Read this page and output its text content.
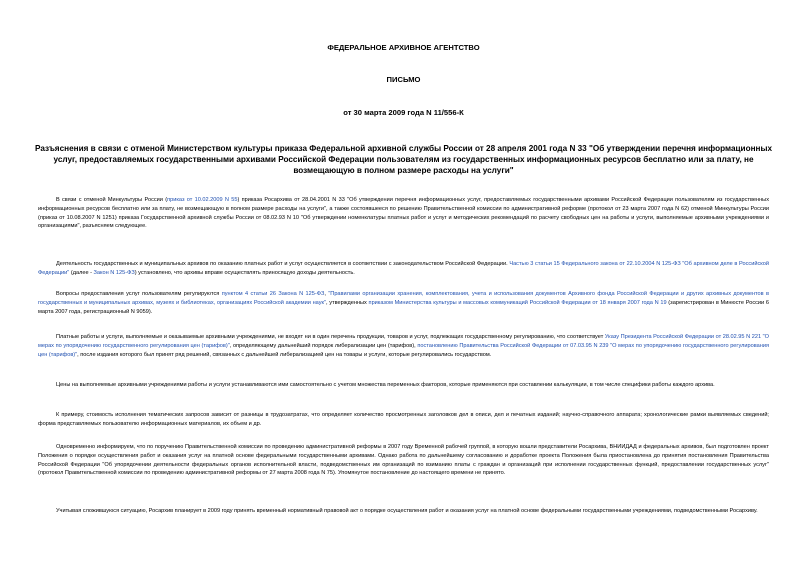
ФЕДЕРАЛЬНОЕ АРХИВНОЕ АГЕНТСТВО
ПИСЬМО
от 30 марта 2009 года N 11/556-К
Разъяснения в связи с отменой Министерством культуры приказа Федеральной архивной службы России от 28 апреля 2001 года N 33 "Об утверждении перечня информационных услуг, предоставляемых государственными архивами Российской Федерации пользователям из государственных информационных ресурсов бесплатно или за плату, не возмещающую в полном размере расходы на услуги"

В связи с отменой Минкультуры России (приказ от 10.02.2009 N 55) приказа Росархива от 28.04.2001 N 33 "Об утверждении перечня информационных услуг, предоставляемых государственными архивами Российской Федерации пользователям из государственных информационных ресурсов бесплатно или за плату, не возмещающую в полном размере расходы на услуги", а также состоявшееся по решению Правительственной комиссии по административной реформе (протокол от 23 марта 2007 года N 62) отменой Минкультуры России (приказ от 10.08.2007 N 1251) приказа Государственной архивной службы России от 08.02.93 N 10 "Об утверждении номенклатуры платных работ и услуг и методических рекомендаций по расчету свободных цен на работы и услуги, выполняемые архивными учреждениями и организациями", разъясняем следующее.

Деятельность государственных и муниципальных архивов по оказанию платных работ и услуг осуществляется в соответствии с законодательством Российской Федерации. Частью 3 статьи 15 Федерального закона от 22.10.2004 N 125-ФЗ "Об архивном деле в Российской Федерации" (далее - Закон N 125-ФЗ) установлено, что архивы вправе осуществлять приносящую доходы деятельность.

Вопросы предоставления услуг пользователям регулируются пунктом 4 статьи 26 Закона N 125-ФЗ, "Правилами организации хранения, комплектования, учета и использования документов Архивного фонда Российской Федерации и других архивных документов в государственных и муниципальных архивах, музеях и библиотеках, организациях Российской академии наук", утвержденных приказом Министерства культуры и массовых коммуникаций Российской Федерации от 18 января 2007 года N 19 (зарегистрирован в Минюсте России 6 марта 2007 года, регистрационный N 9059).

Платные работы и услуги, выполняемые и оказываемые архивными учреждениями, не входят ни в один перечень продукции, товаров и услуг, подлежащих государственному регулированию, что соответствует Указу Президента Российской Федерации от 28.02.95 N 221 "О мерах по упорядочению государственного регулирования цен (тарифов)", определяющему дальнейший порядок либерализации цен (тарифов), постановлению Правительства Российской Федерации от 07.03.95 N 239 "О мерах по упорядочению государственного регулирования цен (тарифов)", после издания которого был принят ряд решений, связанных с дальнейшей либерализацией цен на товары и услуги, которые регулировались государством.

Цены на выполняемые архивными учреждениями работы и услуги устанавливаются ими самостоятельно с учетом множества переменных факторов, которые применяются при составлении калькуляции, в том числе специфики работы каждого архива.

К примеру, стоимость исполнения тематических запросов зависит от разницы в трудозатратах, что определяет количество просмотренных заголовков дел в описи, дел и печатных изданий; научно-справочного аппарата; хронологические рамки выявляемых сведений; форма представляемых пользователю информационных материалов, их объем и др.

Одновременно информируем, что по поручению Правительственной комиссии по проведению административной реформы в 2007 году Временной рабочей группой, в которую вошли представители Росархива, ВНИИДАД и федеральных архивов, был подготовлен проект Положения о порядке осуществления работ и оказания услуг на платной основе федеральными государственными архивами. Однако работа по дальнейшему согласованию и доработке проекта Положения была приостановлена до принятия постановления Правительства Российской Федерации "Об упорядочении деятельности федеральных органов исполнительной власти, подведомственных им организаций по взиманию платы с граждан и организаций при исполнении государственных функций, предоставлении государственных услуг" (протокол Правительственной комиссии по проведению административной реформы от 27 марта 2008 года N 75). Упомянутое постановление до настоящего времени не принято.

Учитывая сложившуюся ситуацию, Росархив планирует в 2009 году принять временный нормативный правовой акт о порядке осуществления работ и оказания услуг на платной основе федеральными государственными учреждениями, подведомственными Росархиву.
